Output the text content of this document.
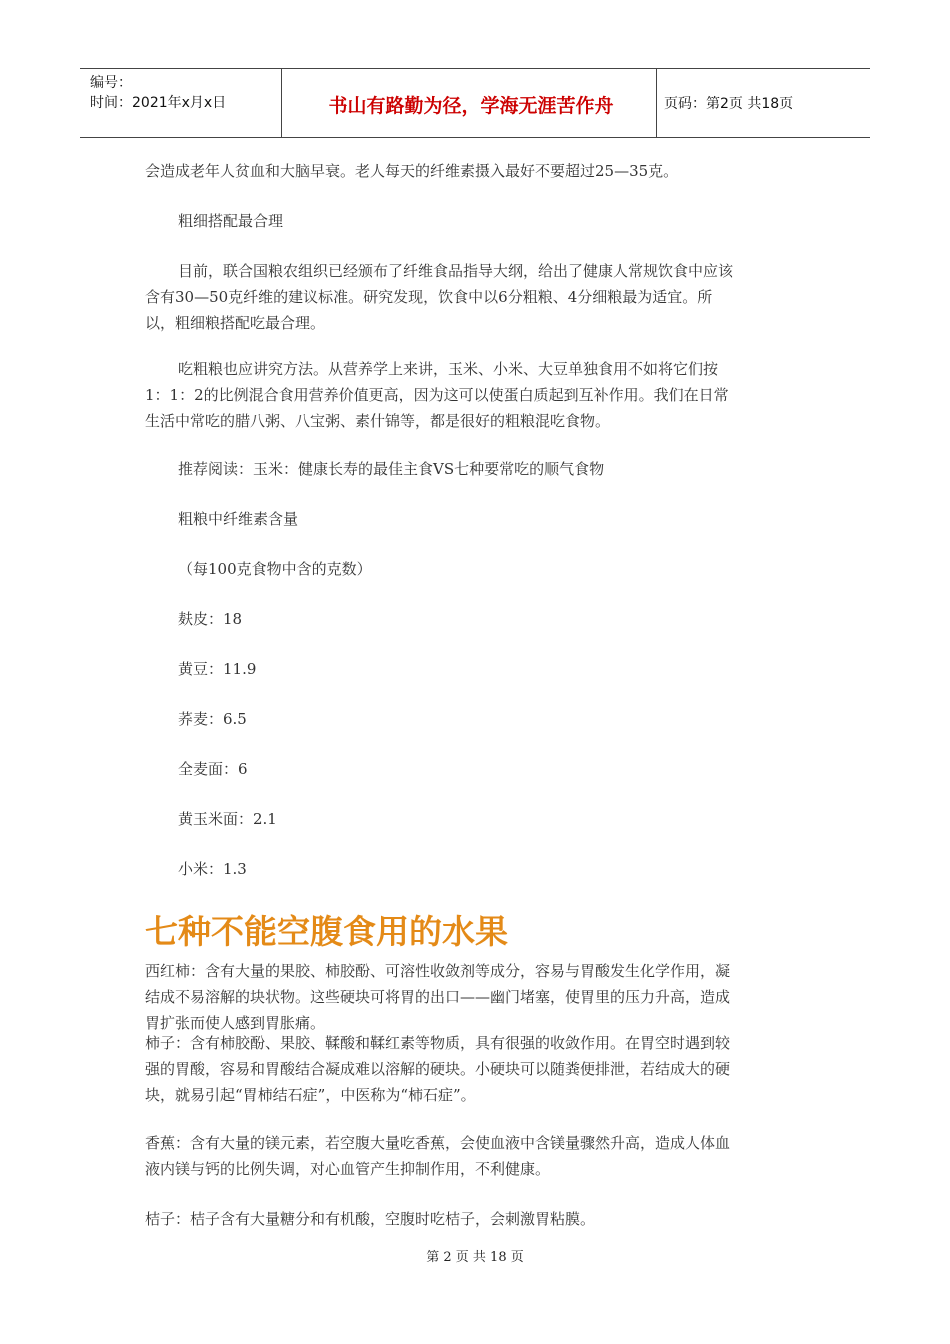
编号：
时间：2021年x月x日	书山有路勤为径，学海无涯苦作舟	页码：第2页 共18页

会造成老年人贫血和大脑早衰。老人每天的纤维素摄入最好不要超过25—35克。

粗细搭配最合理

目前，联合国粮农组织已经颁布了纤维食品指导大纲，给出了健康人常规饮食中应该

含有30—50克纤维的建议标准。研究发现，饮食中以6分粗粮、4分细粮最为适宜。所

以，粗细粮搭配吃最合理。

吃粗粮也应讲究方法。从营养学上来讲，玉米、小米、大豆单独食用不如将它们按

1：1：2的比例混合食用营养价值更高，因为这可以使蛋白质起到互补作用。我们在日常

生活中常吃的腊八粥、八宝粥、素什锦等，都是很好的粗粮混吃食物。

推荐阅读：玉米：健康长寿的最佳主食VS七种要常吃的顺气食物

粗粮中纤维素含量

（每100克食物中含的克数）

麸皮：18

黄豆：11.9

荞麦：6.5

全麦面：6

黄玉米面：2.1

小米：1.3

七种不能空腹食用的水果

西红柿：含有大量的果胶、柿胶酚、可溶性收敛剂等成分，容易与胃酸发生化学作用，凝

结成不易溶解的块状物。这些硬块可将胃的出口——幽门堵塞，使胃里的压力升高，造成

胃扩张而使人感到胃胀痛。

柿子：含有柿胶酚、果胶、鞣酸和鞣红素等物质，具有很强的收敛作用。在胃空时遇到较

强的胃酸，容易和胃酸结合凝成难以溶解的硬块。小硬块可以随粪便排泄，若结成大的硬

块，就易引起“胃柿结石症”，中医称为“柿石症”。

香蕉：含有大量的镁元素，若空腹大量吃香蕉，会使血液中含镁量骤然升高，造成人体血

液内镁与钙的比例失调，对心血管产生抑制作用，不利健康。

桔子：桔子含有大量糖分和有机酸，空腹时吃桔子，会刺激胃粘膜。

第 2 页 共 18 页
